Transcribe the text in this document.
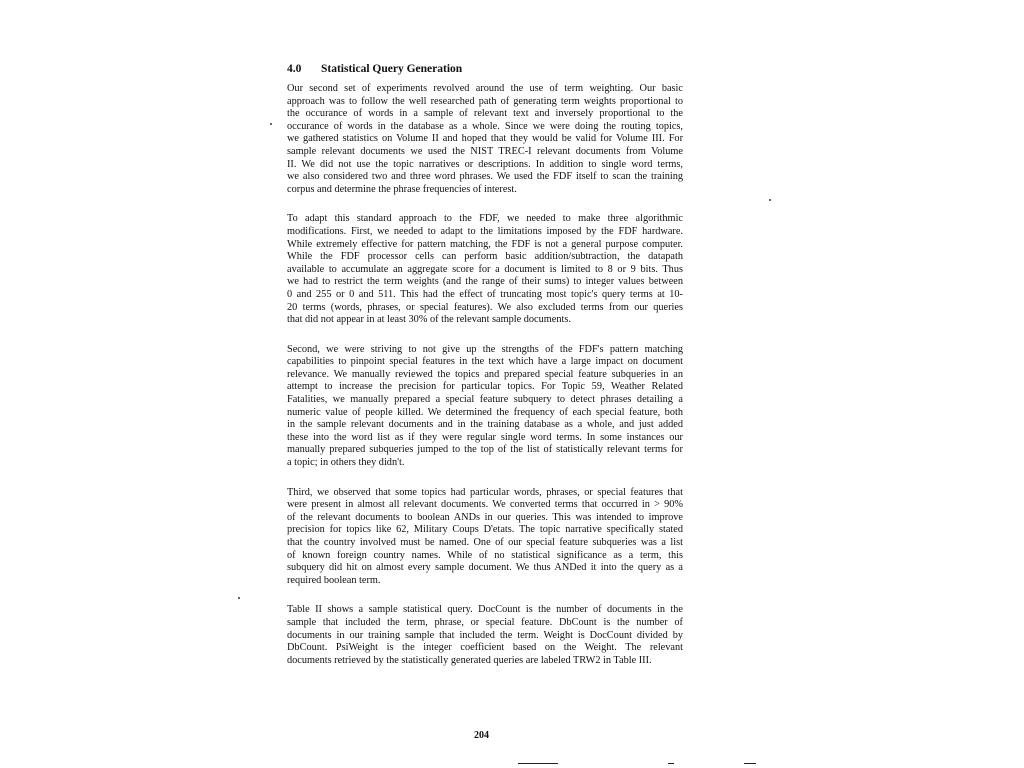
4.0 Statistical Query Generation
Our second set of experiments revolved around the use of term weighting. Our basic
approach was to follow the well researched path of generating term weights proportional to
the occurance of words in a sample of relevant text and inversely proportional to the
occurance of words in the database as a whole. Since we were doing the routing topics,
we gathered statistics on Volume II and hoped that they would be valid for Volume III. For
sample relevant documents we used the NIST TREC-I relevant documents from Volume
II. We did not use the topic narratives or descriptions. In addition to single word terms,
we also considered two and three word phrases. We used the FDF itself to scan the training
corpus and determine the phrase frequencies of interest.
To adapt this standard approach to the FDF, we needed to make three algorithmic
modifications. First, we needed to adapt to the limitations imposed by the FDF hardware.
While extremely effective for pattern matching, the FDF is not a general purpose computer.
While the FDF processor cells can perform basic addition/subtraction, the datapath
available to accumulate an aggregate score for a document is limited to 8 or 9 bits. Thus
we had to restrict the term weights (and the range of their sums) to integer values between
0 and 255 or 0 and 511. This had the effect of truncating most topic's query terms at 10-
20 terms (words, phrases, or special features). We also excluded terms from our queries
that did not appear in at least 30% of the relevant sample documents.
Second, we were striving to not give up the strengths of the FDF's pattern matching
capabilities to pinpoint special features in the text which have a large impact on document
relevance. We manually reviewed the topics and prepared special feature subqueries in an
attempt to increase the precision for particular topics. For Topic 59, Weather Related
Fatalities, we manually prepared a special feature subquery to detect phrases detailing a
numeric value of people killed. We determined the frequency of each special feature, both
in the sample relevant documents and in the training database as a whole, and just added
these into the word list as if they were regular single word terms. In some instances our
manually prepared subqueries jumped to the top of the list of statistically relevant terms for
a topic; in others they didn't.
Third, we observed that some topics had particular words, phrases, or special features that
were present in almost all relevant documents. We converted terms that occurred in > 90%
of the relevant documents to boolean ANDs in our queries. This was intended to improve
precision for topics like 62, Military Coups D'etats. The topic narrative specifically stated
that the country involved must be named. One of our special feature subqueries was a list
of known foreign country names. While of no statistical significance as a term, this
subquery did hit on almost every sample document. We thus ANDed it into the query as a
required boolean term.
Table II shows a sample statistical query. DocCount is the number of documents in the
sample that included the term, phrase, or special feature. DbCount is the number of
documents in our training sample that included the term. Weight is DocCount divided by
DbCount. PsiWeight is the integer coefficient based on the Weight. The relevant
documents retrieved by the statistically generated queries are labeled TRW2 in Table III.
204
